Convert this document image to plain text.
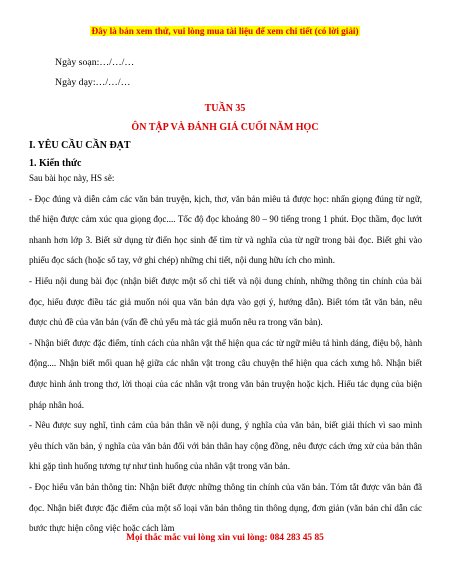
Đây là bản xem thử, vui lòng mua tài liệu để xem chi tiết (có lời giải)
Ngày soạn:…/…/…
Ngày dạy:…/…/…
TUẦN 35
ÔN TẬP VÀ ĐÁNH GIÁ CUỐI NĂM HỌC
I. YÊU CẦU CẦN ĐẠT
1. Kiến thức

Sau bài học này, HS sẽ:

- Đọc đúng và diễn cảm các văn bản truyện, kịch, thơ, văn bản miêu tả được học: nhấn giọng đúng từ ngữ, thể hiện được cảm xúc qua giọng đọc.... Tốc độ đọc khoảng 80 – 90 tiếng trong 1 phút. Đọc thầm, đọc lướt nhanh hơn lớp 3. Biết sử dụng từ điển học sinh để tìm từ và nghĩa của từ ngữ trong bài đọc. Biết ghi vào phiếu đọc sách (hoặc sổ tay, vở ghi chép) những chi tiết, nội dung hữu ích cho mình.

- Hiểu nội dung bài đọc (nhận biết được một số chi tiết và nội dung chính, những thông tin chính của bài đọc, hiểu được điều tác giả muốn nói qua văn bản dựa vào gợi ý, hướng dẫn). Biết tóm tắt văn bản, nêu được chủ đề của văn bản (vấn đề chủ yếu mà tác giả muốn nêu ra trong văn bản).

- Nhận biết được đặc điểm, tính cách của nhân vật thể hiện qua các từ ngữ miêu tả hình dáng, điệu bộ, hành động.... Nhận biết mối quan hệ giữa các nhân vật trong câu chuyện thể hiện qua cách xưng hô. Nhận biết được hình ảnh trong thơ, lời thoại của các nhân vật trong văn bản truyện hoặc kịch. Hiểu tác dụng của biện pháp nhân hoá.

- Nêu được suy nghĩ, tình cảm của bản thân về nội dung, ý nghĩa của văn bản, biết giải thích vì sao mình yêu thích văn bản, ý nghĩa của văn bản đối với bản thân hay cộng đồng, nêu được cách ứng xử của bản thân khi gặp tình huống tương tự như tình huống của nhân vật trong văn bản.

- Đọc hiểu văn bản thông tin: Nhận biết được những thông tin chính của văn bản. Tóm tắt được văn bản đã đọc. Nhận biết được đặc điểm của một số loại văn bản thông tin thông dụng, đơn giản (văn bản chỉ dẫn các bước thực hiện công việc hoặc cách làm

Mọi thắc mắc vui lòng xin vui lòng: 084 283 45 85
